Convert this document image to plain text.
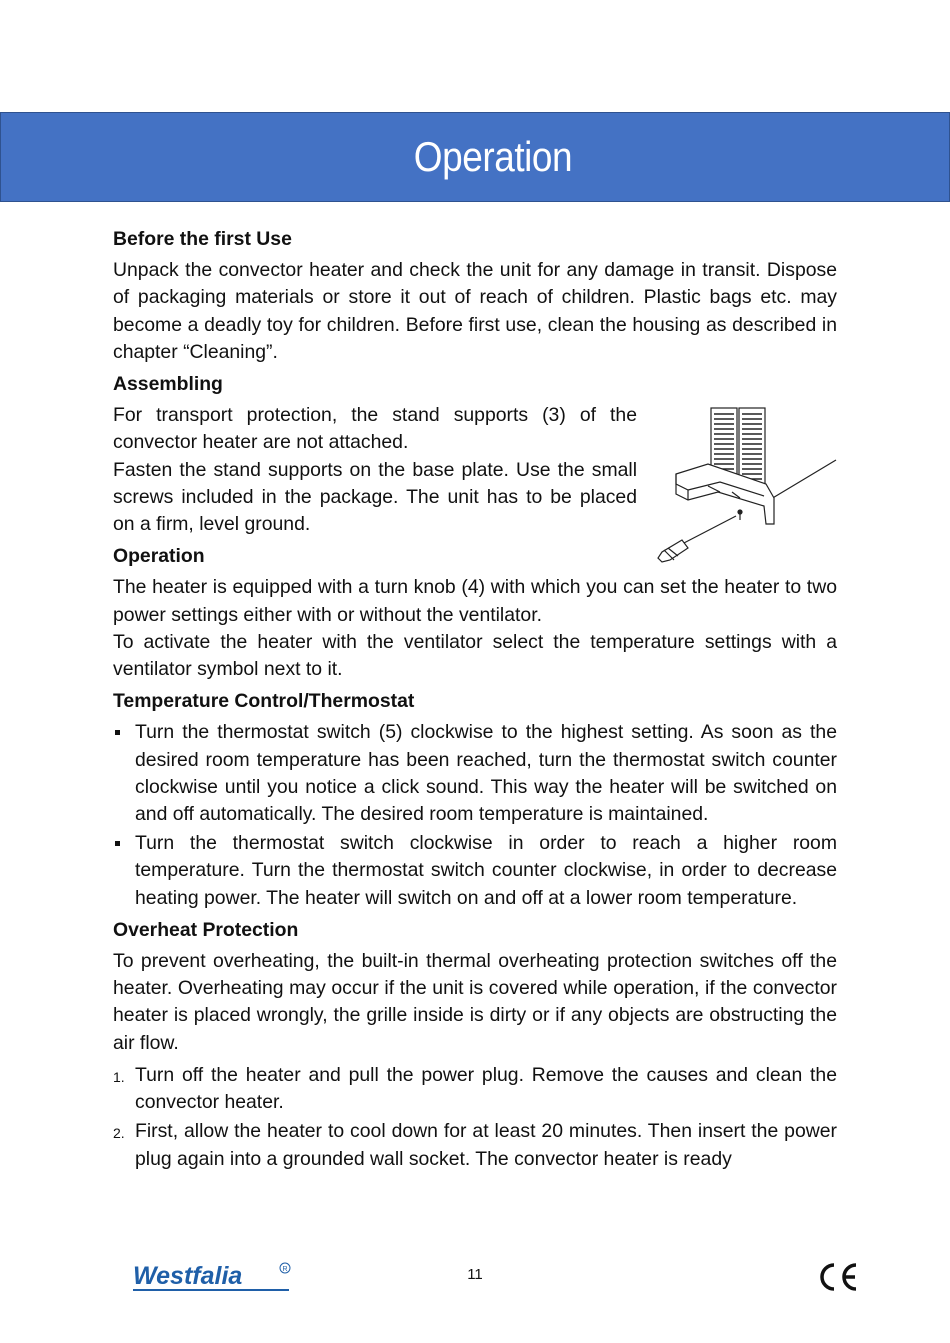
Operation
Before the first Use

Unpack the convector heater and check the unit for any damage in transit. Dispose of packaging materials or store it out of reach of children. Plastic bags etc. may become a deadly toy for children. Before first use, clean the housing as described in chapter “Cleaning”.

Assembling

For transport protection, the stand supports (3) of the convector heater are not attached.

Fasten the stand supports on the base plate. Use the small screws included in the package. The unit has to be placed on a firm, level ground.

Operation

The heater is equipped with a turn knob (4) with which you can set the heater to two power settings either with or without the ventilator.

To activate the heater with the ventilator select the temperature settings with a ventilator symbol next to it.

Temperature Control/Thermostat
Turn the thermostat switch (5) clockwise to the highest setting. As soon as the desired room temperature has been reached, turn the thermostat switch counter clockwise until you notice a click sound. This way the heater will be switched on and off automatically. The desired room temperature is maintained.
Turn the thermostat switch clockwise in order to reach a higher room temperature. Turn the thermostat switch counter clockwise, in order to decrease heating power. The heater will switch on and off at a lower room temperature.
Overheat Protection

To prevent overheating, the built-in thermal overheating protection switches off the heater. Overheating may occur if the unit is covered while operation, if the convector heater is placed wrongly, the grille inside is dirty or if any objects are obstructing the air flow.

1. Turn off the heater and pull the power plug. Remove the causes and clean the convector heater.
2. First, allow the heater to cool down for at least 20 minutes. Then insert the power plug again into a grounded wall socket. The convector heater is ready
Westfalia	R	11
